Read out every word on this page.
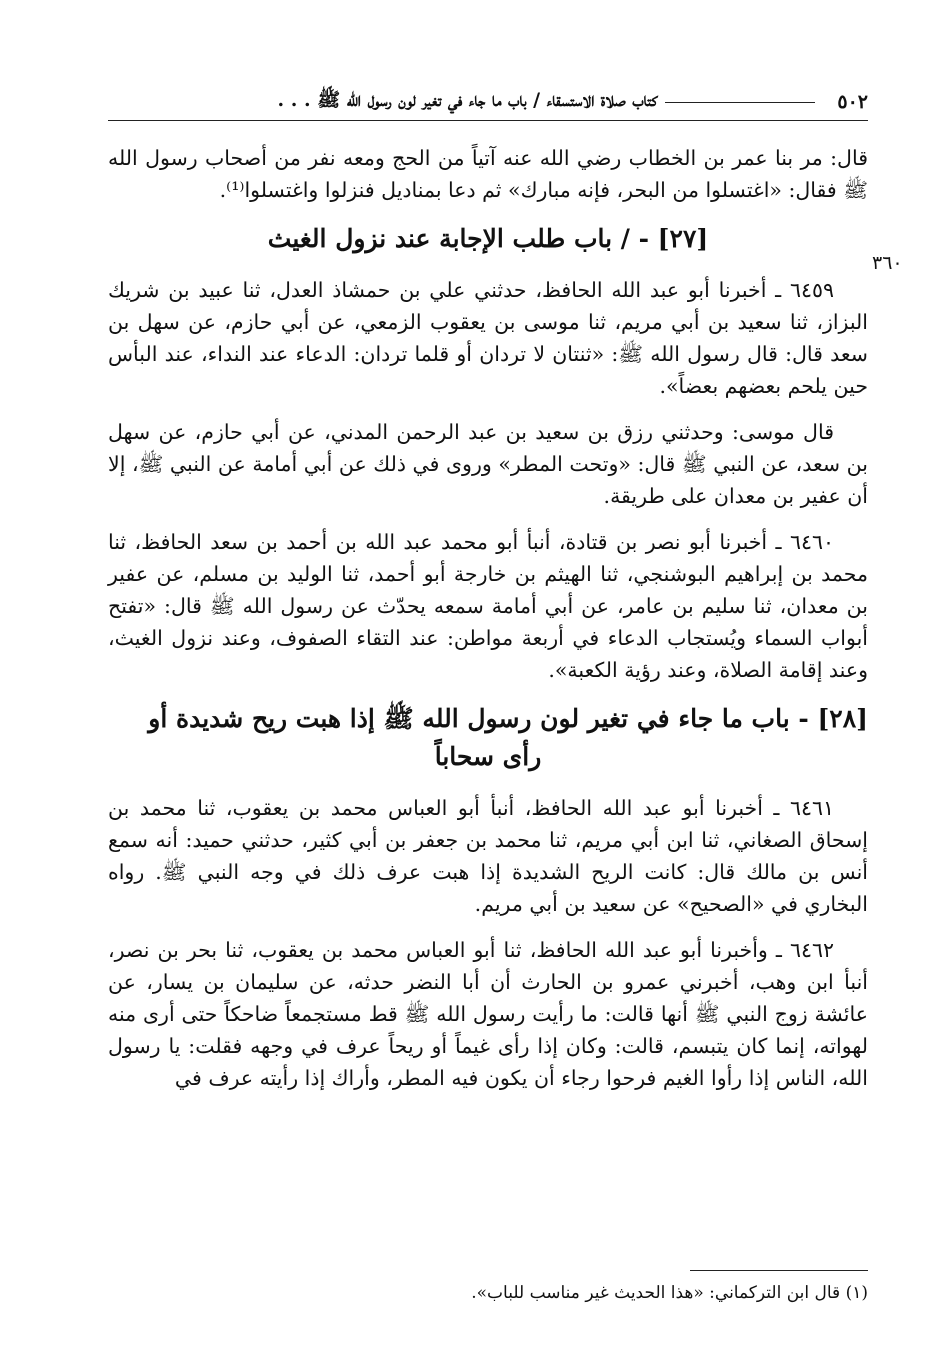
٥٠٢
كتاب صلاة الاستسقاء / باب ما جاء في تغير لون رسول الله ﷺ . . .
٣٦٠

قال: مر بنا عمر بن الخطاب رضي الله عنه آتياً من الحج ومعه نفر من أصحاب رسول الله ﷺ فقال: «اغتسلوا من البحر، فإنه مبارك» ثم دعا بمناديل فنزلوا واغتسلوا⁽¹⁾.

[٢٧] - / باب طلب الإجابة عند نزول الغيث

٦٤٥٩ ـ أخبرنا أبو عبد الله الحافظ، حدثني علي بن حمشاذ العدل، ثنا عبيد بن شريك البزاز، ثنا سعيد بن أبي مريم، ثنا موسى بن يعقوب الزمعي، عن أبي حازم، عن سهل بن سعد قال: قال رسول الله ﷺ: «ثنتان لا تردان أو قلما تردان: الدعاء عند النداء، عند البأس حين يلحم بعضهم بعضاً».

قال موسى: وحدثني رزق بن سعيد بن عبد الرحمن المدني، عن أبي حازم، عن سهل بن سعد، عن النبي ﷺ قال: «وتحت المطر» وروى في ذلك عن أبي أمامة عن النبي ﷺ، إلا أن عفير بن معدان على طريقة.

٦٤٦٠ ـ أخبرنا أبو نصر بن قتادة، أنبأ أبو محمد عبد الله بن أحمد بن سعد الحافظ، ثنا محمد بن إبراهيم البوشنجي، ثنا الهيثم بن خارجة أبو أحمد، ثنا الوليد بن مسلم، عن عفير بن معدان، ثنا سليم بن عامر، عن أبي أمامة سمعه يحدّث عن رسول الله ﷺ قال: «تفتح أبواب السماء ويُستجاب الدعاء في أربعة مواطن: عند التقاء الصفوف، وعند نزول الغيث، وعند إقامة الصلاة، وعند رؤية الكعبة».

[٢٨] - باب ما جاء في تغير لون رسول الله ﷺ إذا هبت ريح شديدة أو رأى سحاباً

٦٤٦١ ـ أخبرنا أبو عبد الله الحافظ، أنبأ أبو العباس محمد بن يعقوب، ثنا محمد بن إسحاق الصغاني، ثنا ابن أبي مريم، ثنا محمد بن جعفر بن أبي كثير، حدثني حميد: أنه سمع أنس بن مالك قال: كانت الريح الشديدة إذا هبت عرف ذلك في وجه النبي ﷺ. رواه البخاري في «الصحيح» عن سعيد بن أبي مريم.

٦٤٦٢ ـ وأخبرنا أبو عبد الله الحافظ، ثنا أبو العباس محمد بن يعقوب، ثنا بحر بن نصر، أنبأ ابن وهب، أخبرني عمرو بن الحارث أن أبا النضر حدثه، عن سليمان بن يسار، عن عائشة زوج النبي ﷺ أنها قالت: ما رأيت رسول الله ﷺ قط مستجمعاً ضاحكاً حتى أرى منه لهواته، إنما كان يتبسم، قالت: وكان إذا رأى غيماً أو ريحاً عرف في وجهه فقلت: يا رسول الله، الناس إذا رأوا الغيم فرحوا رجاء أن يكون فيه المطر، وأراك إذا رأيته عرف في

(١) قال ابن التركماني: «هذا الحديث غير مناسب للباب».
